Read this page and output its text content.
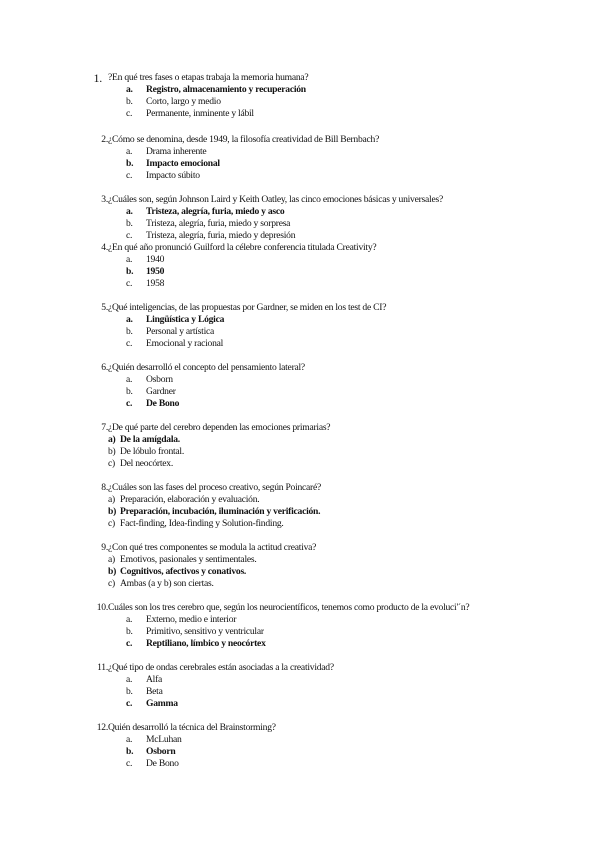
1. ?En qué tres fases o etapas trabaja la memoria humana?
a.	Registro, almacenamiento y recuperación
b.	Corto, largo y medio
c.	Permanente, inminente y lábil
2. ¿Cómo se denomina, desde 1949, la filosofía creatividad de Bill Bernbach?
a.	Drama inherente
b.	Impacto emocional
c.	Impacto súbito
3. ¿Cuáles son, según Johnson Laird y Keith Oatley, las cinco emociones básicas y universales?
a.	Tristeza, alegría, furia, miedo y asco
b.	Tristeza, alegría, furia, miedo y sorpresa
c.	Tristeza, alegría, furia, miedo y depresión
4. ¿En qué año pronunció Guilford la célebre conferencia titulada Creativity?
a.	1940
b.	1950
c.	1958
5. ¿Qué inteligencias, de las propuestas por Gardner, se miden en los test de CI?
a.	Lingüística y Lógica
b.	Personal y artística
c.	Emocional y racional
6. ¿Quién desarrolló el concepto del pensamiento lateral?
a.	Osborn
b.	Gardner
c.	De Bono
7. ¿De qué parte del cerebro dependen las emociones primarias?
a) De la amígdala.
b) De lóbulo frontal.
c) Del neocórtex.
8. ¿Cuáles son las fases del proceso creativo, según Poincaré?
a) Preparación, elaboración y evaluación.
b) Preparación, incubación, iluminación y verificación.
c) Fact-finding, Idea-finding y Solution-finding.
9. ¿Con qué tres componentes se modula la actitud creativa?
a) Emotivos, pasionales y sentimentales.
b) Cognitivos, afectivos y conativos.
c) Ambas (a y b) son ciertas.
10. Cuáles son los tres cerebro que, según los neurocientíficos, tenemos como producto de la evoluci'´n?
a.	Externo, medio e interior
b.	Primitivo, sensitivo y ventricular
c.	Reptiliano, límbico y neocórtex
11. ¿Qué tipo de ondas cerebrales están asociadas a la creatividad?
a.	Alfa
b.	Beta
c.	Gamma
12. Quién desarrolló la técnica del Brainstorming?
a.	McLuhan
b.	Osborn
c.	De Bono
